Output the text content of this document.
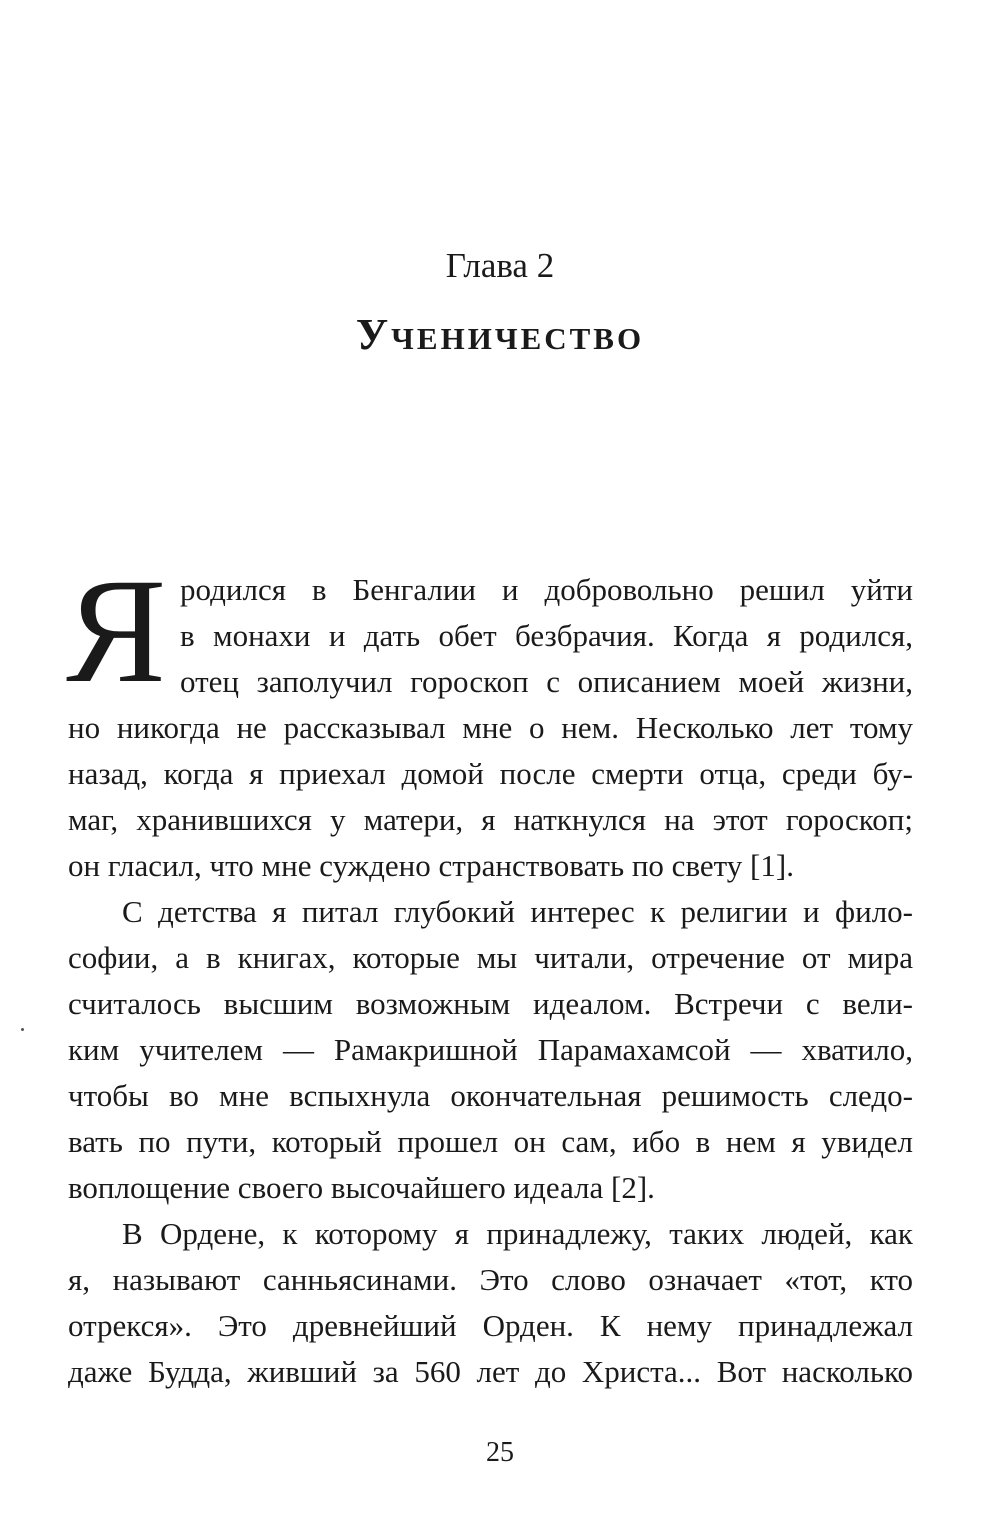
Глава 2
Ученичество
Я родился в Бенгалии и добровольно решил уйти
в монахи и дать обет безбрачия. Когда я родился,
отец заполучил гороскоп с описанием моей жизни,
но никогда не рассказывал мне о нем. Несколько лет тому
назад, когда я приехал домой после смерти отца, среди бу-
маг, хранившихся у матери, я наткнулся на этот гороскоп;
он гласил, что мне суждено странствовать по свету [1].
С детства я питал глубокий интерес к религии и фило-
софии, а в книгах, которые мы читали, отречение от мира
считалось высшим возможным идеалом. Встречи с вели-
ким учителем — Рамакришной Парамахамсой — хватило,
чтобы во мне вспыхнула окончательная решимость следо-
вать по пути, который прошел он сам, ибо в нем я увидел
воплощение своего высочайшего идеала [2].
В Ордене, к которому я принадлежу, таких людей, как
я, называют санньясинами. Это слово означает «тот, кто
отрекся». Это древнейший Орден. К нему принадлежал
даже Будда, живший за 560 лет до Христа... Вот насколько
25
